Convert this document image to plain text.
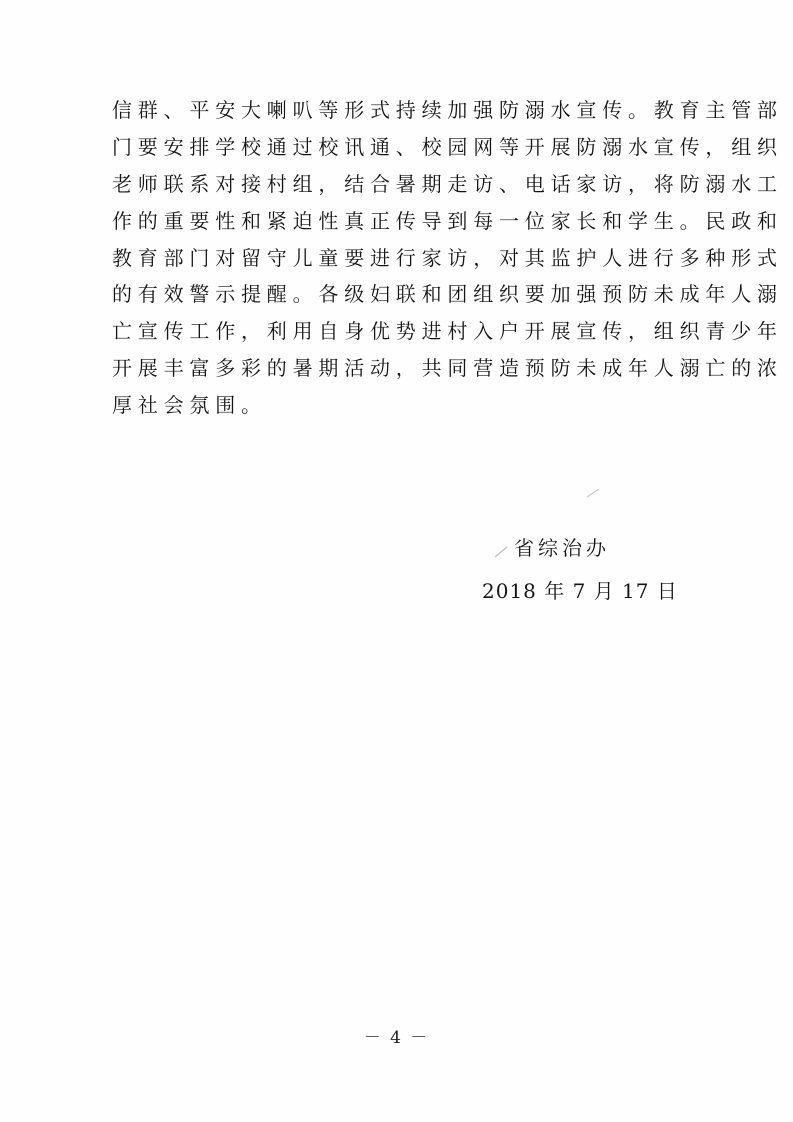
信群、平安大喇叭等形式持续加强防溺水宣传。教育主管部
门要安排学校通过校讯通、校园网等开展防溺水宣传，组织
老师联系对接村组，结合暑期走访、电话家访，将防溺水工
作的重要性和紧迫性真正传导到每一位家长和学生。民政和
教育部门对留守儿童要进行家访，对其监护人进行多种形式
的有效警示提醒。各级妇联和团组织要加强预防未成年人溺
亡宣传工作，利用自身优势进村入户开展宣传，组织青少年
开展丰富多彩的暑期活动，共同营造预防未成年人溺亡的浓
厚社会氛围。
省综治办
2018 年 7 月 17 日
－ 4 －
